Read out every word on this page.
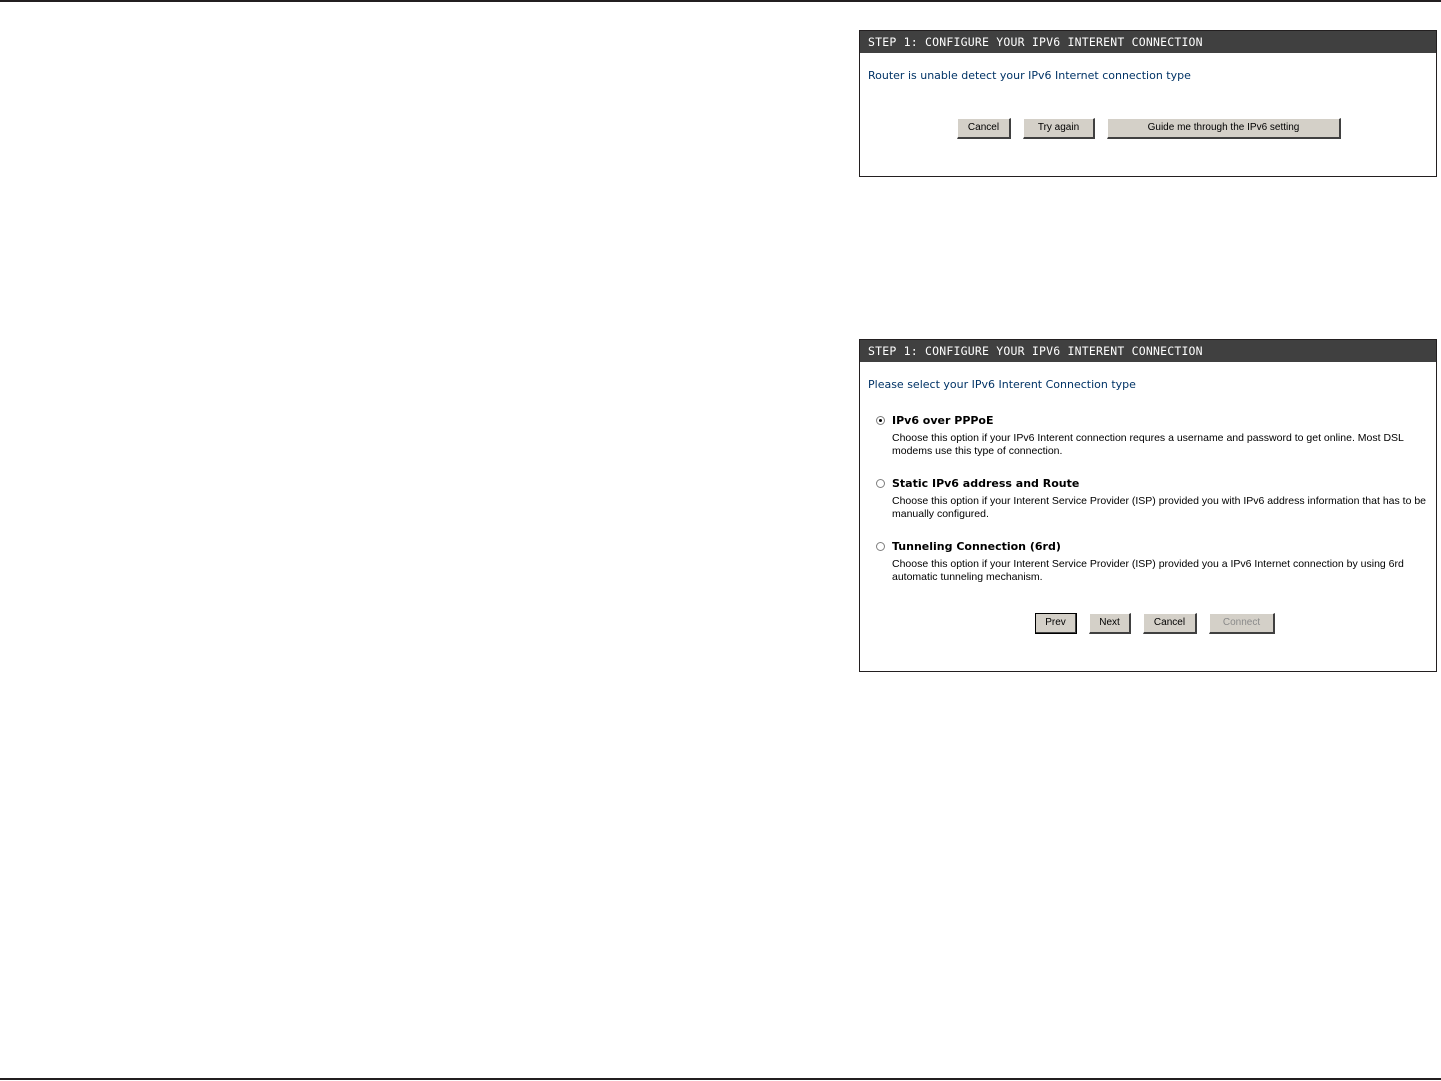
STEP 1: CONFIGURE YOUR IPV6 INTERENT CONNECTION
Router is unable detect your IPv6 Internet connection type
Cancel	Try again	Guide me through the IPv6 setting
STEP 1: CONFIGURE YOUR IPV6 INTERENT CONNECTION
Please select your IPv6 Interent Connection type
IPv6 over PPPoE
Choose this option if your IPv6 Interent connection requres a username and password to get online. Most DSL modems use this type of connection.
Static IPv6 address and Route
Choose this option if your Interent Service Provider (ISP) provided you with IPv6 address information that has to be manually configured.
Tunneling Connection (6rd)
Choose this option if your Interent Service Provider (ISP) provided you a IPv6 Internet connection by using 6rd automatic tunneling mechanism.
Prev	Next	Cancel	Connect
